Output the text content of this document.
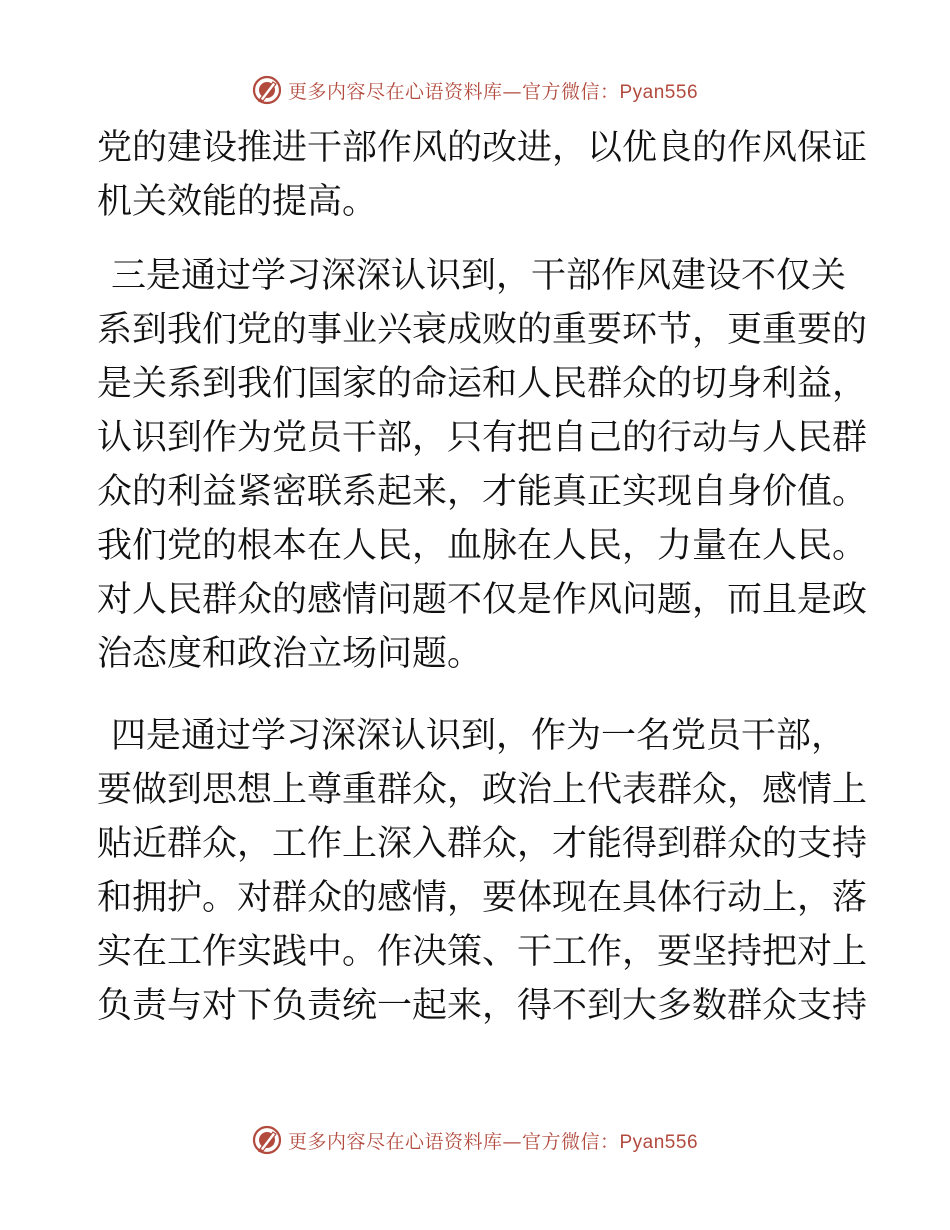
更多内容尽在心语资料库—官方微信：Pyan556
党的建设推进干部作风的改进，以优良的作风保证
机关效能的提高。
三是通过学习深深认识到，干部作风建设不仅关
系到我们党的事业兴衰成败的重要环节，更重要的
是关系到我们国家的命运和人民群众的切身利益，
认识到作为党员干部，只有把自己的行动与人民群
众的利益紧密联系起来，才能真正实现自身价值。
我们党的根本在人民，血脉在人民，力量在人民。
对人民群众的感情问题不仅是作风问题，而且是政
治态度和政治立场问题。
四是通过学习深深认识到，作为一名党员干部，
要做到思想上尊重群众，政治上代表群众，感情上
贴近群众，工作上深入群众，才能得到群众的支持
和拥护。对群众的感情，要体现在具体行动上，落
实在工作实践中。作决策、干工作，要坚持把对上
负责与对下负责统一起来，得不到大多数群众支持
更多内容尽在心语资料库—官方微信：Pyan556
